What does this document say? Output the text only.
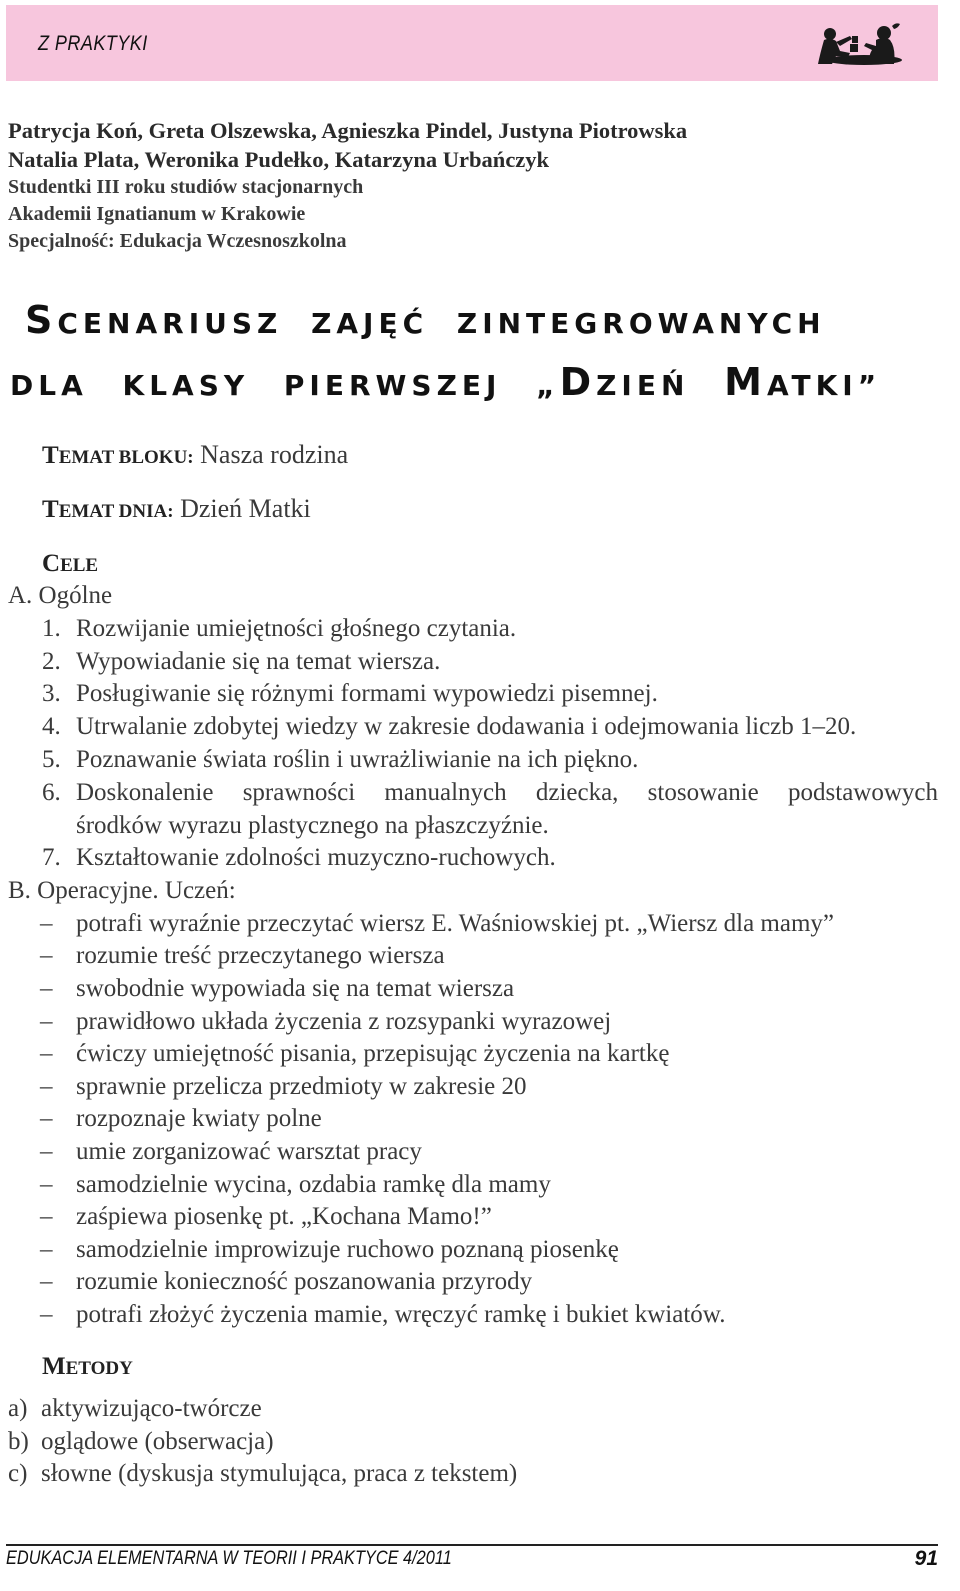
Z PRAKTYKI
Patrycja Koń, Greta Olszewska, Agnieszka Pindel, Justyna Piotrowska
Natalia Plata, Weronika Pudełko, Katarzyna Urbańczyk
Studentki III roku studiów stacjonarnych
Akademii Ignatianum w Krakowie
Specjalność: Edukacja Wczesnoszkolna
SCENARIUSZ ZAJĘĆ ZINTEGROWANYCH
DLA KLASY PIERWSZEJ „DZIEŃ MATKI”
TEMAT BLOKU: Nasza rodzina
TEMAT DNIA: Dzień Matki
CELE
A. Ogólne
1. Rozwijanie umiejętności głośnego czytania.
2. Wypowiadanie się na temat wiersza.
3. Posługiwanie się różnymi formami wypowiedzi pisemnej.
4. Utrwalanie zdobytej wiedzy w zakresie dodawania i odejmowania liczb 1–20.
5. Poznawanie świata roślin i uwrażliwianie na ich piękno.
6. Doskonalenie sprawności manualnych dziecka, stosowanie podstawowych
środków wyrazu plastycznego na płaszczyźnie.
7. Kształtowanie zdolności muzyczno-ruchowych.
B. Operacyjne. Uczeń:
– potrafi wyraźnie przeczytać wiersz E. Waśniowskiej pt. „Wiersz dla mamy”
– rozumie treść przeczytanego wiersza
– swobodnie wypowiada się na temat wiersza
– prawidłowo układa życzenia z rozsypanki wyrazowej
– ćwiczy umiejętność pisania, przepisując życzenia na kartkę
– sprawnie przelicza przedmioty w zakresie 20
– rozpoznaje kwiaty polne
– umie zorganizować warsztat pracy
– samodzielnie wycina, ozdabia ramkę dla mamy
– zaśpiewa piosenkę pt. „Kochana Mamo!”
– samodzielnie improwizuje ruchowo poznaną piosenkę
– rozumie konieczność poszanowania przyrody
– potrafi złożyć życzenia mamie, wręczyć ramkę i bukiet kwiatów.
METODY
a) aktywizująco-twórcze
b) oglądowe (obserwacja)
c) słowne (dyskusja stymulująca, praca z tekstem)
EDUKACJA ELEMENTARNA W TEORII I PRAKTYCE 4/2011	91
